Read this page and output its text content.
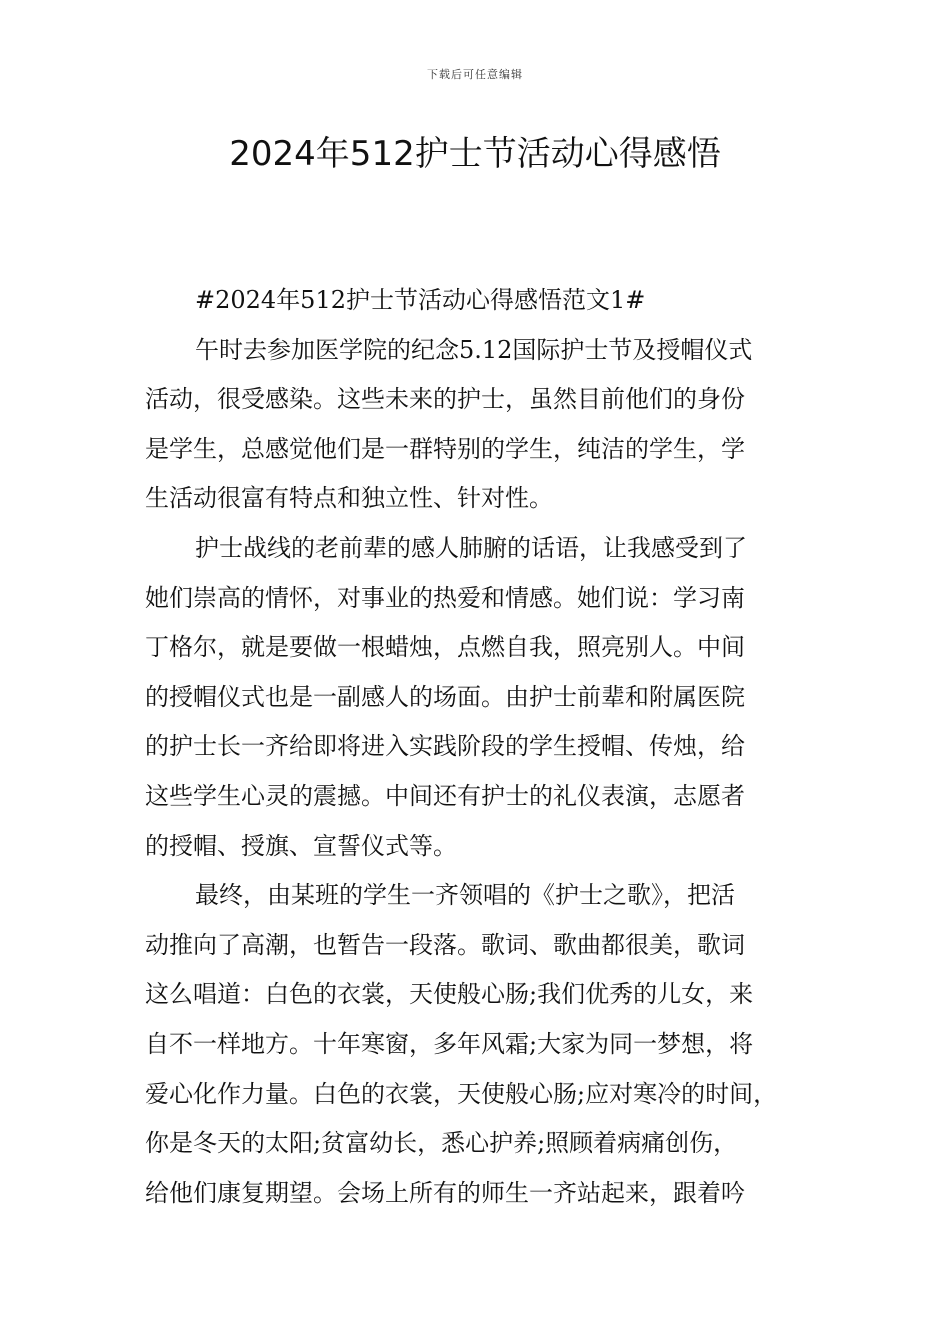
下载后可任意编辑
2024年512护士节活动心得感悟
#2024年512护士节活动心得感悟范文1#
午时去参加医学院的纪念5.12国际护士节及授帽仪式
活动，很受感染。这些未来的护士，虽然目前他们的身份
是学生，总感觉他们是一群特别的学生，纯洁的学生，学
生活动很富有特点和独立性、针对性。
护士战线的老前辈的感人肺腑的话语，让我感受到了
她们崇高的情怀，对事业的热爱和情感。她们说：学习南
丁格尔，就是要做一根蜡烛，点燃自我，照亮别人。中间
的授帽仪式也是一副感人的场面。由护士前辈和附属医院
的护士长一齐给即将进入实践阶段的学生授帽、传烛，给
这些学生心灵的震撼。中间还有护士的礼仪表演，志愿者
的授帽、授旗、宣誓仪式等。
最终，由某班的学生一齐领唱的《护士之歌》，把活
动推向了高潮，也暂告一段落。歌词、歌曲都很美，歌词
这么唱道：白色的衣裳，天使般心肠;我们优秀的儿女，来
自不一样地方。十年寒窗，多年风霜;大家为同一梦想，将
爱心化作力量。白色的衣裳，天使般心肠;应对寒冷的时间，
你是冬天的太阳;贫富幼长，悉心护养;照顾着病痛创伤，
给他们康复期望。会场上所有的师生一齐站起来，跟着吟
